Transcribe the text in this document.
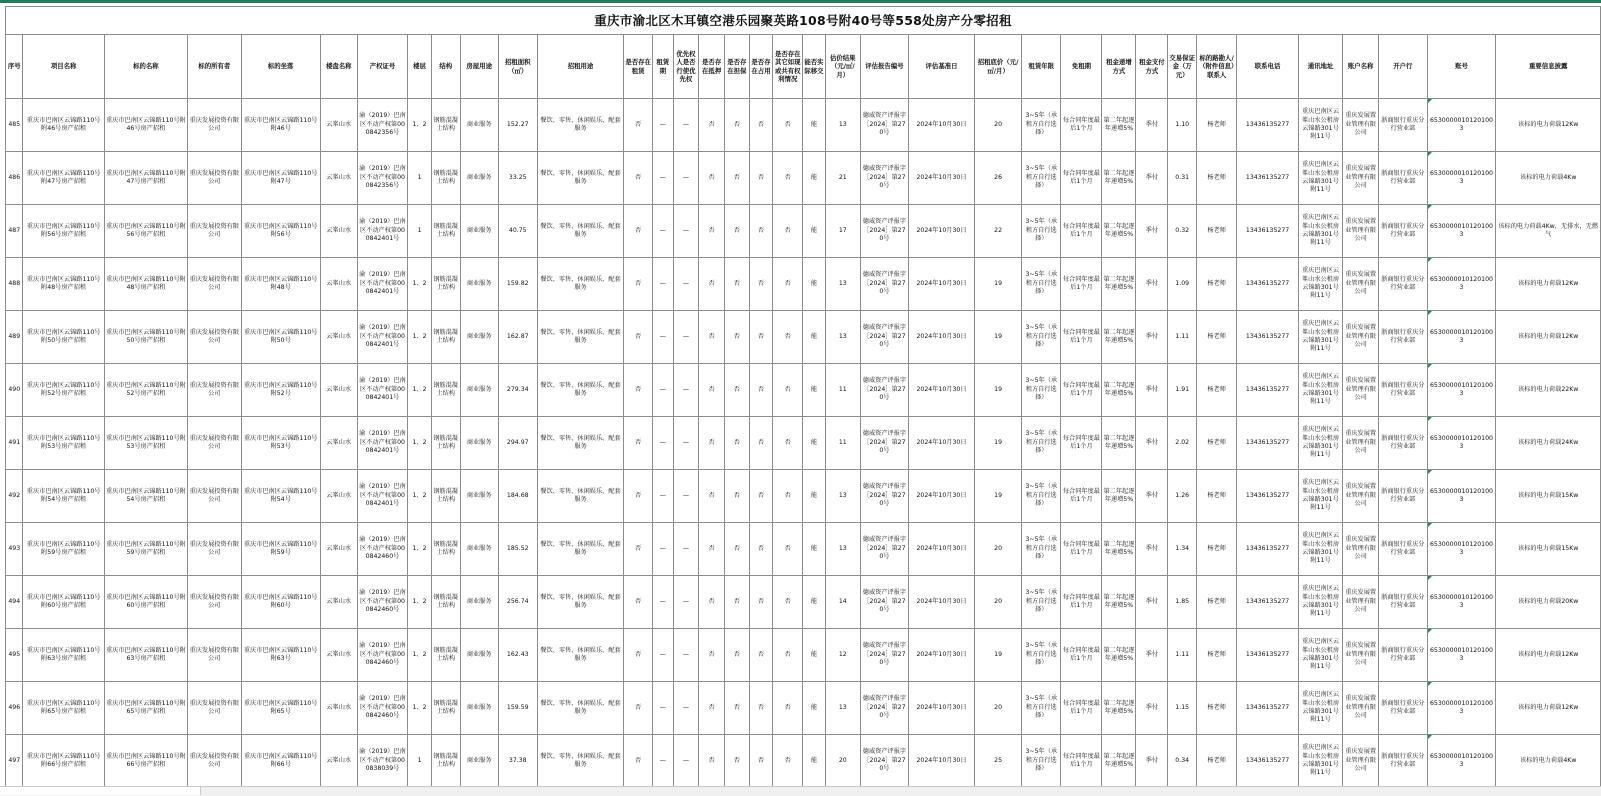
重庆市渝北区木耳镇空港乐园聚英路108号附40号等558处房产分零招租																																			
序号	项目名称	标的名称	标的所有者	标的坐落	楼盘名称	产权证号	楼层	结构	房屋用途	招租面积（㎡）	招租用途	是否存在租赁	租赁期	优先权人是否行使优先权	是否存在抵押	是否存在担保	是否存在占用	是否存在其它如现或共有权利情况	能否实际移交	估价结果（元/㎡/月）	评估报告编号	评估基准日	招租底价（元/㎡/月）	租赁年限	免租期	租金递增方式	租金支付方式	交易保证金（万元）	标的路勘人/（附件信息）联系人	联系电话	通讯地址	账户名称	开户行	账号	重要信息披露
485	重庆市巴南区云锦路110号附46号房产招租	重庆市巴南区云锦路110号附46号房产招租	重庆发展投资有限公司	重庆市巴南区云锦路110号附46号	云峯山水	渝（2019）巴南区不动产权第000842356号	1、2	钢筋混凝土结构	商业服务	152.27	餐饮、零售、休闲娱乐、配套服务	否	—	—	否	否	否	否	能	13	德威资产评报字［2024］第270号	2024年10月30日	20	3~5年（承租方自行选择）	每合同年度最后1个月	第二年起逐年递增5%	季付	1.10	杨老师	13436135277	重庆巴南区云峯山水公租房云锦路301号附11号	重庆发展置业管理有限公司	浙商银行重庆分行营业部	65300000101201003	该标的电力荷载12Kw
486	重庆市巴南区云锦路110号附47号房产招租	重庆市巴南区云锦路110号附47号房产招租	重庆发展投资有限公司	重庆市巴南区云锦路110号附47号	云峯山水	渝（2019）巴南区不动产权第000842356号	1	钢筋混凝土结构	商业服务	33.25	餐饮、零售、休闲娱乐、配套服务	否	—	—	否	否	否	否	能	21	德威资产评报字［2024］第270号	2024年10月30日	26	3~5年（承租方自行选择）	每合同年度最后1个月	第二年起逐年递增5%	季付	0.31	杨老师	13436135277	重庆巴南区云峯山水公租房云锦路301号附11号	重庆发展置业管理有限公司	浙商银行重庆分行营业部	65300000101201003	该标的电力荷载4Kw
487	重庆市巴南区云锦路110号附56号房产招租	重庆市巴南区云锦路110号附56号房产招租	重庆发展投资有限公司	重庆市巴南区云锦路110号附56号	云峯山水	渝（2019）巴南区不动产权第000842401号	1	钢筋混凝土结构	商业服务	40.75	餐饮、零售、休闲娱乐、配套服务	否	—	—	否	否	否	否	能	17	德威资产评报字［2024］第270号	2024年10月30日	22	3~5年（承租方自行选择）	每合同年度最后1个月	第二年起逐年递增5%	季付	0.32	杨老师	13436135277	重庆巴南区云峯山水公租房云锦路301号附11号	重庆发展置业管理有限公司	浙商银行重庆分行营业部	65300000101201003	该标的电力荷载4Kw，无排水，无燃气
488	重庆市巴南区云锦路110号附48号房产招租	重庆市巴南区云锦路110号附48号房产招租	重庆发展投资有限公司	重庆市巴南区云锦路110号附48号	云峯山水	渝（2019）巴南区不动产权第000842401号	1、2	钢筋混凝土结构	商业服务	159.82	餐饮、零售、休闲娱乐、配套服务	否	—	—	否	否	否	否	能	13	德威资产评报字［2024］第270号	2024年10月30日	19	3~5年（承租方自行选择）	每合同年度最后1个月	第二年起逐年递增5%	季付	1.09	杨老师	13436135277	重庆巴南区云峯山水公租房云锦路301号附11号	重庆发展置业管理有限公司	浙商银行重庆分行营业部	65300000101201003	该标的电力荷载12Kw
489	重庆市巴南区云锦路110号附50号房产招租	重庆市巴南区云锦路110号附50号房产招租	重庆发展投资有限公司	重庆市巴南区云锦路110号附50号	云峯山水	渝（2019）巴南区不动产权第000842401号	1、2	钢筋混凝土结构	商业服务	162.87	餐饮、零售、休闲娱乐、配套服务	否	—	—	否	否	否	否	能	13	德威资产评报字［2024］第270号	2024年10月30日	19	3~5年（承租方自行选择）	每合同年度最后1个月	第二年起逐年递增5%	季付	1.11	杨老师	13436135277	重庆巴南区云峯山水公租房云锦路301号附11号	重庆发展置业管理有限公司	浙商银行重庆分行营业部	65300000101201003	该标的电力荷载12Kw
490	重庆市巴南区云锦路110号附52号房产招租	重庆市巴南区云锦路110号附52号房产招租	重庆发展投资有限公司	重庆市巴南区云锦路110号附52号	云峯山水	渝（2019）巴南区不动产权第000842401号	1、2	钢筋混凝土结构	商业服务	279.34	餐饮、零售、休闲娱乐、配套服务	否	—	—	否	否	否	否	能	11	德威资产评报字［2024］第270号	2024年10月30日	19	3~5年（承租方自行选择）	每合同年度最后1个月	第二年起逐年递增5%	季付	1.91	杨老师	13436135277	重庆巴南区云峯山水公租房云锦路301号附11号	重庆发展置业管理有限公司	浙商银行重庆分行营业部	65300000101201003	该标的电力荷载22Kw
491	重庆市巴南区云锦路110号附53号房产招租	重庆市巴南区云锦路110号附53号房产招租	重庆发展投资有限公司	重庆市巴南区云锦路110号附53号	云峯山水	渝（2019）巴南区不动产权第000842401号	1、2	钢筋混凝土结构	商业服务	294.97	餐饮、零售、休闲娱乐、配套服务	否	—	—	否	否	否	否	能	11	德威资产评报字［2024］第270号	2024年10月30日	19	3~5年（承租方自行选择）	每合同年度最后1个月	第二年起逐年递增5%	季付	2.02	杨老师	13436135277	重庆巴南区云峯山水公租房云锦路301号附11号	重庆发展置业管理有限公司	浙商银行重庆分行营业部	65300000101201003	该标的电力荷载24Kw
492	重庆市巴南区云锦路110号附54号房产招租	重庆市巴南区云锦路110号附54号房产招租	重庆发展投资有限公司	重庆市巴南区云锦路110号附54号	云峯山水	渝（2019）巴南区不动产权第000842401号	1、2	钢筋混凝土结构	商业服务	184.68	餐饮、零售、休闲娱乐、配套服务	否	—	—	否	否	否	否	能	13	德威资产评报字［2024］第270号	2024年10月30日	19	3~5年（承租方自行选择）	每合同年度最后1个月	第二年起逐年递增5%	季付	1.26	杨老师	13436135277	重庆巴南区云峯山水公租房云锦路301号附11号	重庆发展置业管理有限公司	浙商银行重庆分行营业部	65300000101201003	该标的电力荷载15Kw
493	重庆市巴南区云锦路110号附59号房产招租	重庆市巴南区云锦路110号附59号房产招租	重庆发展投资有限公司	重庆市巴南区云锦路110号附59号	云峯山水	渝（2019）巴南区不动产权第000842460号	1、2	钢筋混凝土结构	商业服务	185.52	餐饮、零售、休闲娱乐、配套服务	否	—	—	否	否	否	否	能	13	德威资产评报字［2024］第270号	2024年10月30日	20	3~5年（承租方自行选择）	每合同年度最后1个月	第二年起逐年递增5%	季付	1.34	杨老师	13436135277	重庆巴南区云峯山水公租房云锦路301号附11号	重庆发展置业管理有限公司	浙商银行重庆分行营业部	65300000101201003	该标的电力荷载15Kw
494	重庆市巴南区云锦路110号附60号房产招租	重庆市巴南区云锦路110号附60号房产招租	重庆发展投资有限公司	重庆市巴南区云锦路110号附60号	云峯山水	渝（2019）巴南区不动产权第000842460号	1、2	钢筋混凝土结构	商业服务	256.74	餐饮、零售、休闲娱乐、配套服务	否	—	—	否	否	否	否	能	14	德威资产评报字［2024］第270号	2024年10月30日	20	3~5年（承租方自行选择）	每合同年度最后1个月	第二年起逐年递增5%	季付	1.85	杨老师	13436135277	重庆巴南区云峯山水公租房云锦路301号附11号	重庆发展置业管理有限公司	浙商银行重庆分行营业部	65300000101201003	该标的电力荷载20Kw
495	重庆市巴南区云锦路110号附63号房产招租	重庆市巴南区云锦路110号附63号房产招租	重庆发展投资有限公司	重庆市巴南区云锦路110号附63号	云峯山水	渝（2019）巴南区不动产权第000842460号	1、2	钢筋混凝土结构	商业服务	162.43	餐饮、零售、休闲娱乐、配套服务	否	—	—	否	否	否	否	能	12	德威资产评报字［2024］第270号	2024年10月30日	19	3~5年（承租方自行选择）	每合同年度最后1个月	第二年起逐年递增5%	季付	1.11	杨老师	13436135277	重庆巴南区云峯山水公租房云锦路301号附11号	重庆发展置业管理有限公司	浙商银行重庆分行营业部	65300000101201003	该标的电力荷载12Kw
496	重庆市巴南区云锦路110号附65号房产招租	重庆市巴南区云锦路110号附65号房产招租	重庆发展投资有限公司	重庆市巴南区云锦路110号附65号	云峯山水	渝（2019）巴南区不动产权第000842460号	1、2	钢筋混凝土结构	商业服务	159.59	餐饮、零售、休闲娱乐、配套服务	否	—	—	否	否	否	否	能	13	德威资产评报字［2024］第270号	2024年10月30日	20	3~5年（承租方自行选择）	每合同年度最后1个月	第二年起逐年递增5%	季付	1.15	杨老师	13436135277	重庆巴南区云峯山水公租房云锦路301号附11号	重庆发展置业管理有限公司	浙商银行重庆分行营业部	65300000101201003	该标的电力荷载12Kw
497	重庆市巴南区云锦路110号附66号房产招租	重庆市巴南区云锦路110号附66号房产招租	重庆发展投资有限公司	重庆市巴南区云锦路110号附66号	云峯山水	渝（2019）巴南区不动产权第000838039号	1	钢筋混凝土结构	商业服务	37.38	餐饮、零售、休闲娱乐、配套服务	否	—	—	否	否	否	否	能	20	德威资产评报字［2024］第270号	2024年10月30日	25	3~5年（承租方自行选择）	每合同年度最后1个月	第二年起逐年递增5%	季付	0.34	杨老师	13436135277	重庆巴南区云峯山水公租房云锦路301号附11号	重庆发展置业管理有限公司	浙商银行重庆分行营业部	65300000101201003	该标的电力荷载4Kw
